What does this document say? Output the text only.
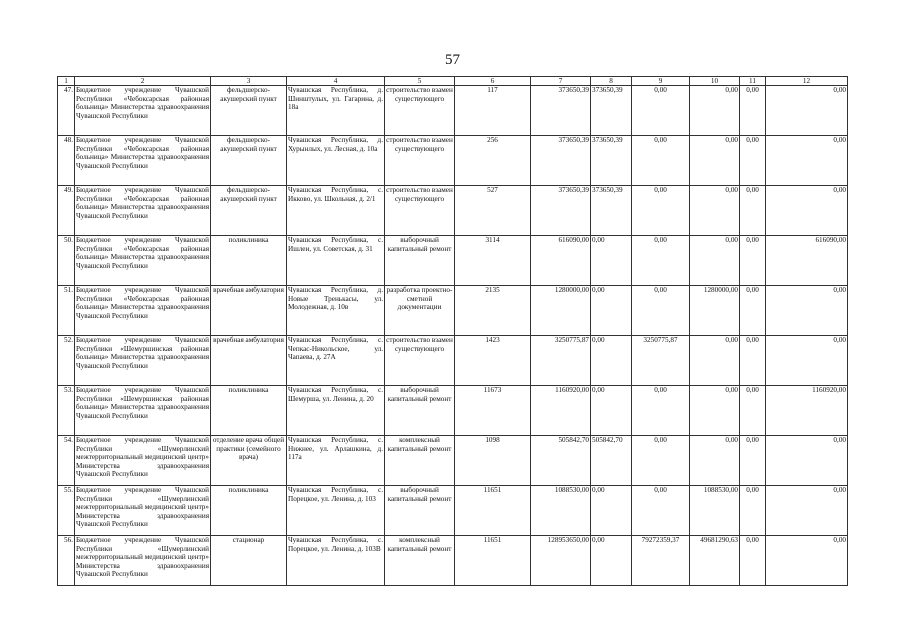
57
1	2	3	4	5	6	7	8	9	10	11	12
47.	Бюджетное учреждение Чувашской Республики «Чебоксарская районная больница» Министерства здравоохранения Чувашской Республики	фельдшерско-акушерский пункт	Чувашская Республика, д. Шинштулых, ул. Гагарина, д. 18а	строительство взамен существующего	117	373650,39	373650,39	0,00	0,00	0,00	0,00
48.	Бюджетное учреждение Чувашской Республики «Чебоксарская районная больница» Министерства здравоохранения Чувашской Республики	фельдшерско-акушерский пункт	Чувашская Республика, д. Хурынлых, ул. Лесная, д. 10а	строительство взамен существующего	256	373650,39	373650,39	0,00	0,00	0,00	0,00
49.	Бюджетное учреждение Чувашской Республики «Чебоксарская районная больница» Министерства здравоохранения Чувашской Республики	фельдшерско-акушерский пункт	Чувашская Республика, с. Икково, ул. Школьная, д. 2/1	строительство взамен существующего	527	373650,39	373650,39	0,00	0,00	0,00	0,00
50.	Бюджетное учреждение Чувашской Республики «Чебоксарская районная больница» Министерства здравоохранения Чувашской Республики	поликлиника	Чувашская Республика, с. Ишлеи, ул. Советская, д. 31	выборочный капитальный ремонт	3114	616090,00	0,00	0,00	0,00	0,00	616090,00
51.	Бюджетное учреждение Чувашской Республики «Чебоксарская районная больница» Министерства здравоохранения Чувашской Республики	врачебная амбулатория	Чувашская Республика, д. Новые Тренькасы, ул. Молодежная, д. 10в	разработка проектно-сметной документации	2135	1280000,00	0,00	0,00	1280000,00	0,00	0,00
52.	Бюджетное учреждение Чувашской Республики «Шемуршинская районная больница» Министерства здравоохранения Чувашской Республики	врачебная амбулатория	Чувашская Республика, с. Чепкас-Никольское, ул. Чапаева, д. 27А	строительство взамен существующего	1423	3250775,87	0,00	3250775,87	0,00	0,00	0,00
53.	Бюджетное учреждение Чувашской Республики «Шемуршинская районная больница» Министерства здравоохранения Чувашской Республики	поликлиника	Чувашская Республика, с. Шемурша, ул. Ленина, д. 20	выборочный капитальный ремонт	11673	1160920,00	0,00	0,00	0,00	0,00	1160920,00
54.	Бюджетное учреждение Чувашской Республики «Шумерлинский межтерриториальный медицинский центр» Министерства здравоохранения Чувашской Республики	отделение врача общей практики (семейного врача)	Чувашская Республика, с. Нижнее, ул. Арлашкина, д. 117а	комплексный капитальный ремонт	1098	505842,70	505842,70	0,00	0,00	0,00	0,00
55.	Бюджетное учреждение Чувашской Республики «Шумерлинский межтерриториальный медицинский центр» Министерства здравоохранения Чувашской Республики	поликлиника	Чувашская Республика, с. Порецкое, ул. Ленина, д. 103	выборочный капитальный ремонт	11651	1088530,00	0,00	0,00	1088530,00	0,00	0,00
56.	Бюджетное учреждение Чувашской Республики «Шумерлинский межтерриториальный медицинский центр» Министерства здравоохранения Чувашской Республики	стационар	Чувашская Республика, с. Порецкое, ул. Ленина, д. 103В	комплексный капитальный ремонт	11651	128953650,00	0,00	79272359,37	49681290,63	0,00	0,00
